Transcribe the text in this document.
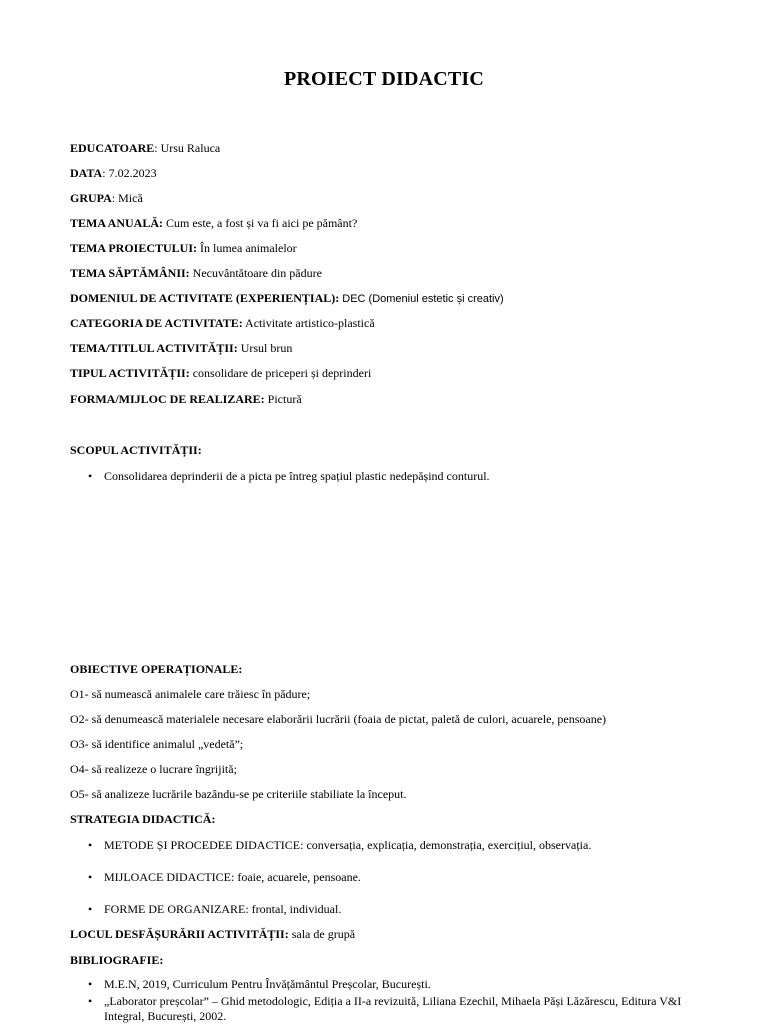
PROIECT DIDACTIC
EDUCATOARE: Ursu Raluca
DATA: 7.02.2023
GRUPA: Mică
TEMA ANUALĂ: Cum este, a fost și va fi aici pe pământ?
TEMA PROIECTULUI: În lumea animalelor
TEMA SĂPTĂMÂNII: Necuvântătoare din pădure
DOMENIUL DE ACTIVITATE (EXPERIENȚIAL): DEC (Domeniul estetic și creativ)
CATEGORIA DE ACTIVITATE: Activitate artistico-plastică
TEMA/TITLUL ACTIVITĂȚII: Ursul brun
TIPUL ACTIVITĂȚII: consolidare de priceperi și deprinderi
FORMA/MIJLOC DE REALIZARE: Pictură
SCOPUL ACTIVITĂȚII:
• Consolidarea deprinderii de a picta pe întreg spațiul plastic nedepășind conturul.
OBIECTIVE OPERAȚIONALE:
O1- să numească animalele care trăiesc în pădure;
O2- să denumească materialele necesare elaborării lucrării (foaia de pictat, paletă de culori, acuarele, pensoane)
O3- să identifice animalul „vedetă”;
O4- să realizeze o lucrare îngrijită;
O5- să analizeze lucrările bazându-se pe criteriile stabiliate la început.
STRATEGIA DIDACTICĂ:
• METODE ȘI PROCEDEE DIDACTICE: conversația, explicația, demonstrația, exercițiul, observația.
• MIJLOACE DIDACTICE: foaie, acuarele, pensoane.
• FORME DE ORGANIZARE: frontal, individual.
LOCUL DESFĂȘURĂRII ACTIVITĂȚII: sala de grupă
BIBLIOGRAFIE:
• M.E.N, 2019, Curriculum Pentru Învățământul Preșcolar, București.
• „Laborator preșcolar” – Ghid metodologic, Ediția a II-a revizuită, Liliana Ezechil, Mihaela Păși Lăzărescu, Editura V&I
Integral, București, 2002.
